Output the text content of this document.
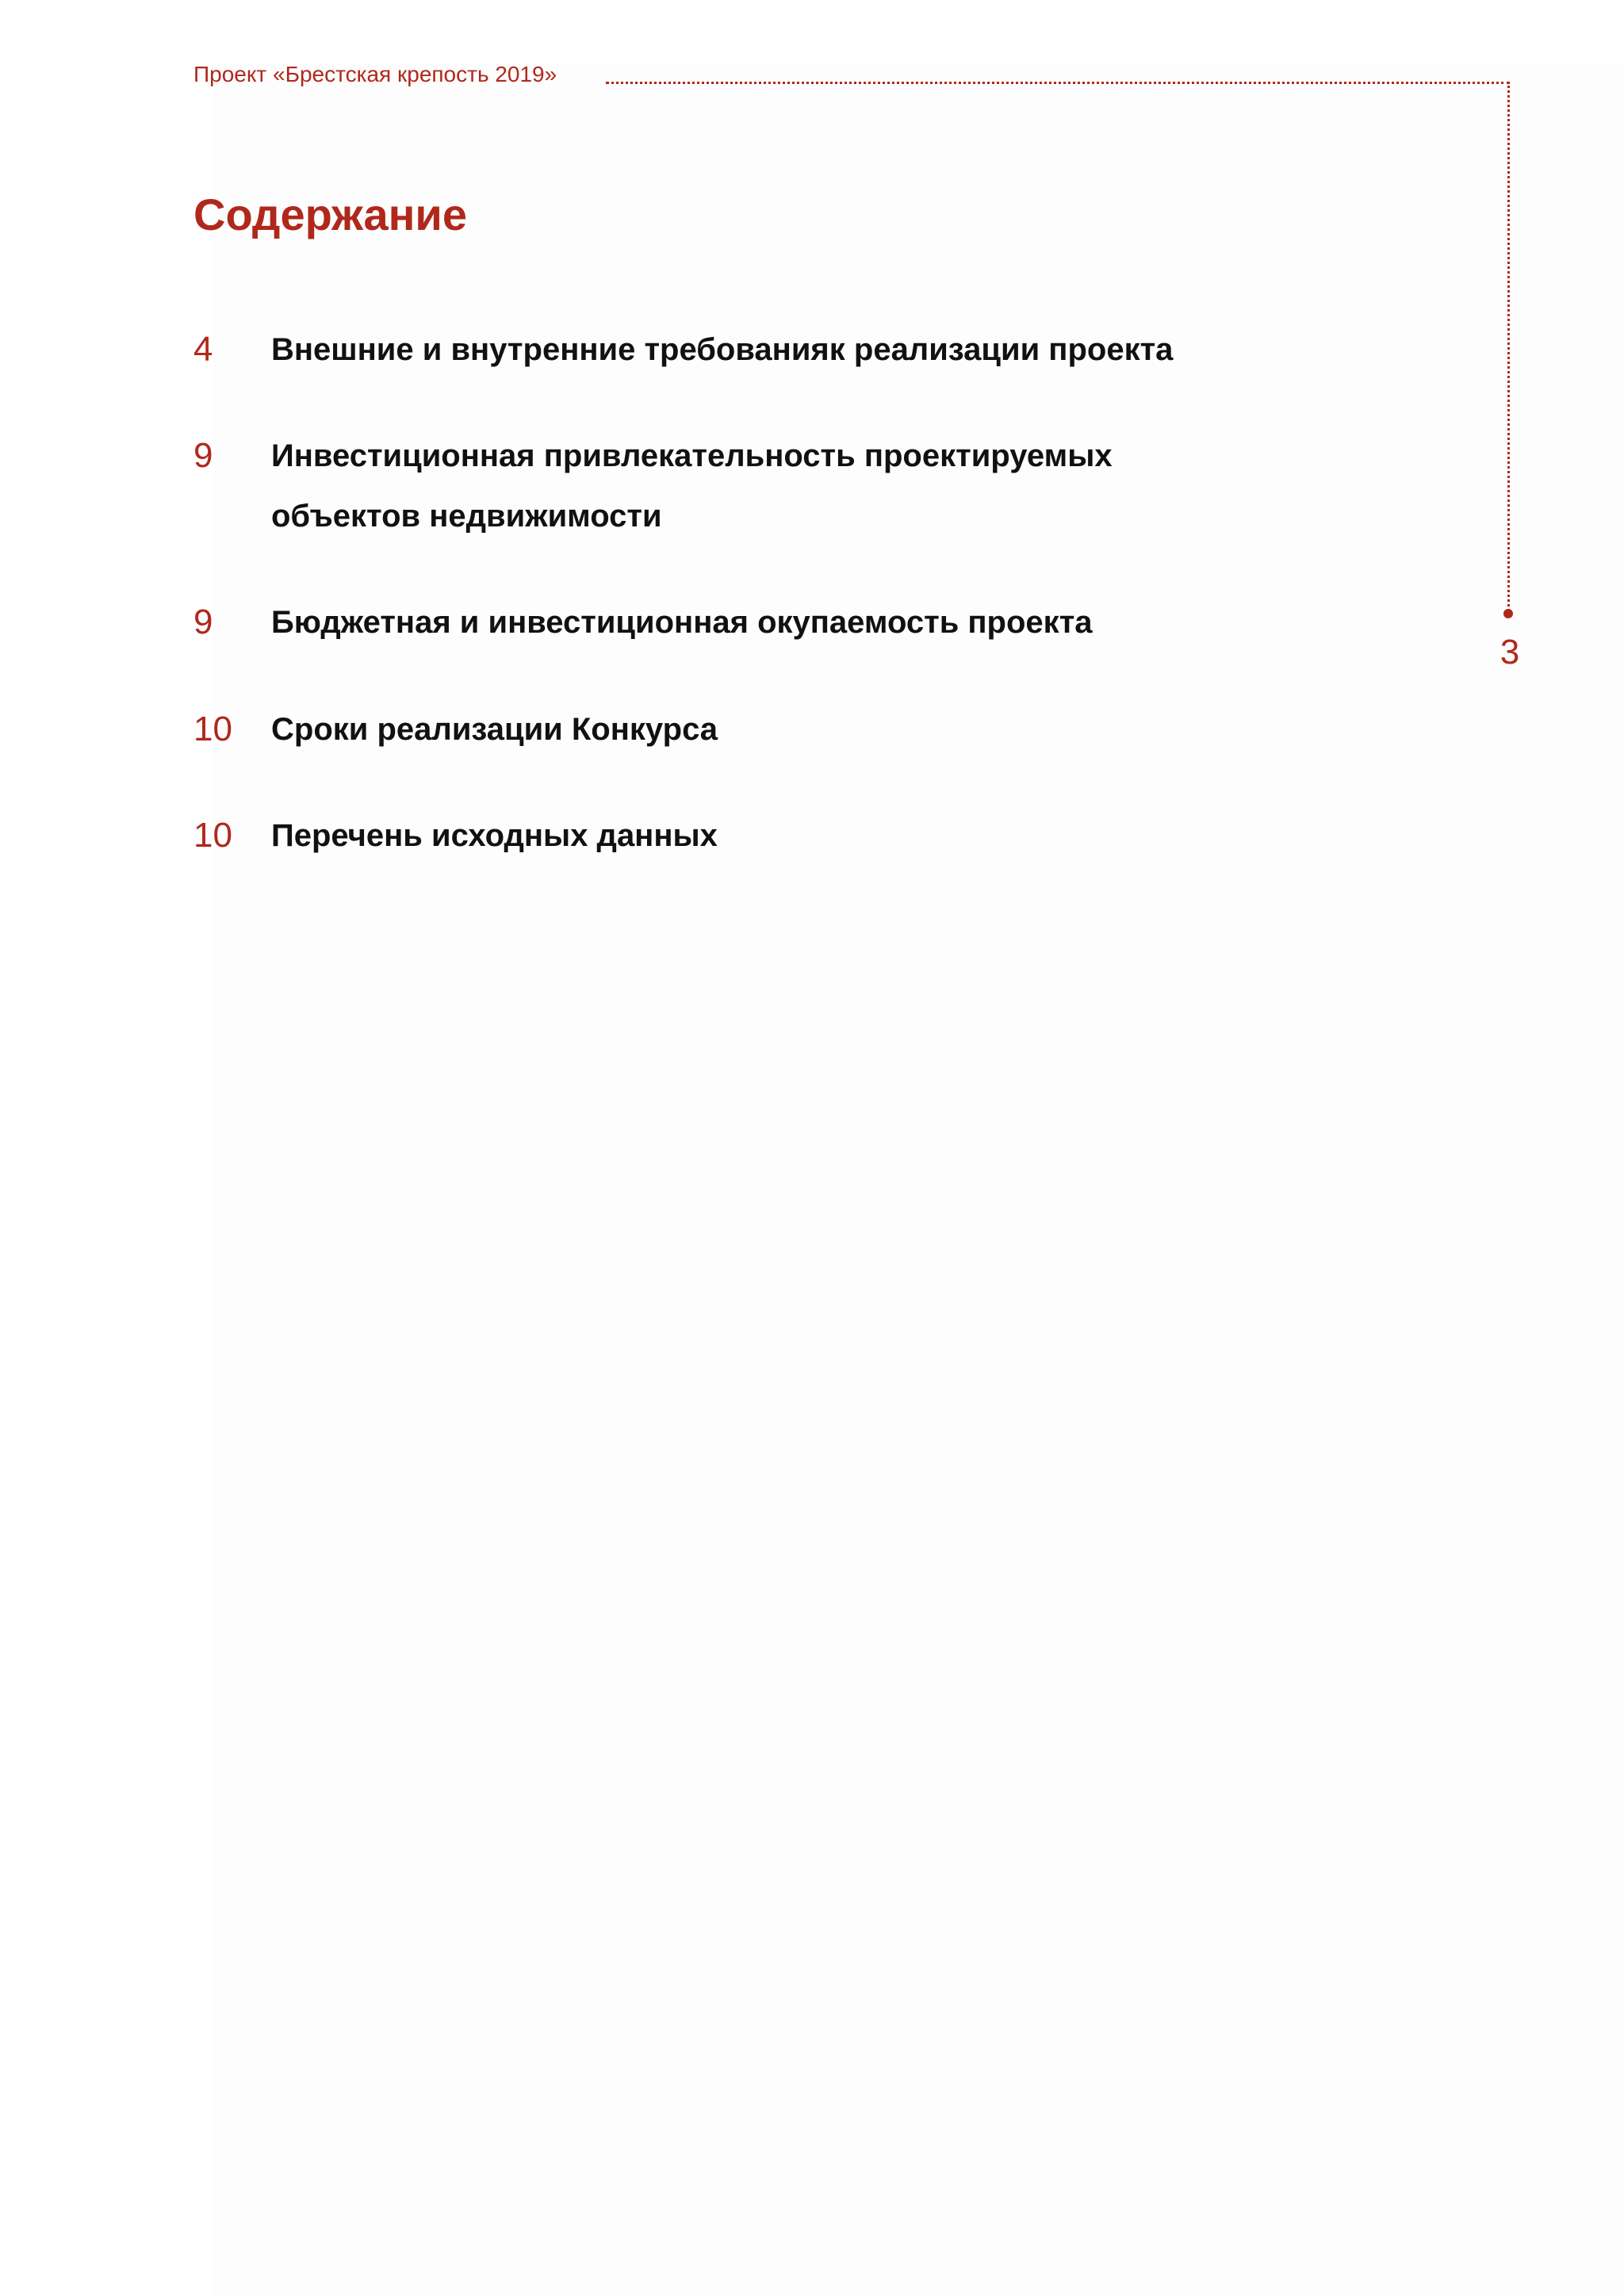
Проект «Брестская крепость 2019»
3
Содержание
4	Внешние и внутренние требованияк реализации проекта
9	Инвестиционная привлекательность проектируемых объектов недвижимости
9	Бюджетная и инвестиционная окупаемость проекта
10	Сроки реализации Конкурса
10	Перечень исходных данных
